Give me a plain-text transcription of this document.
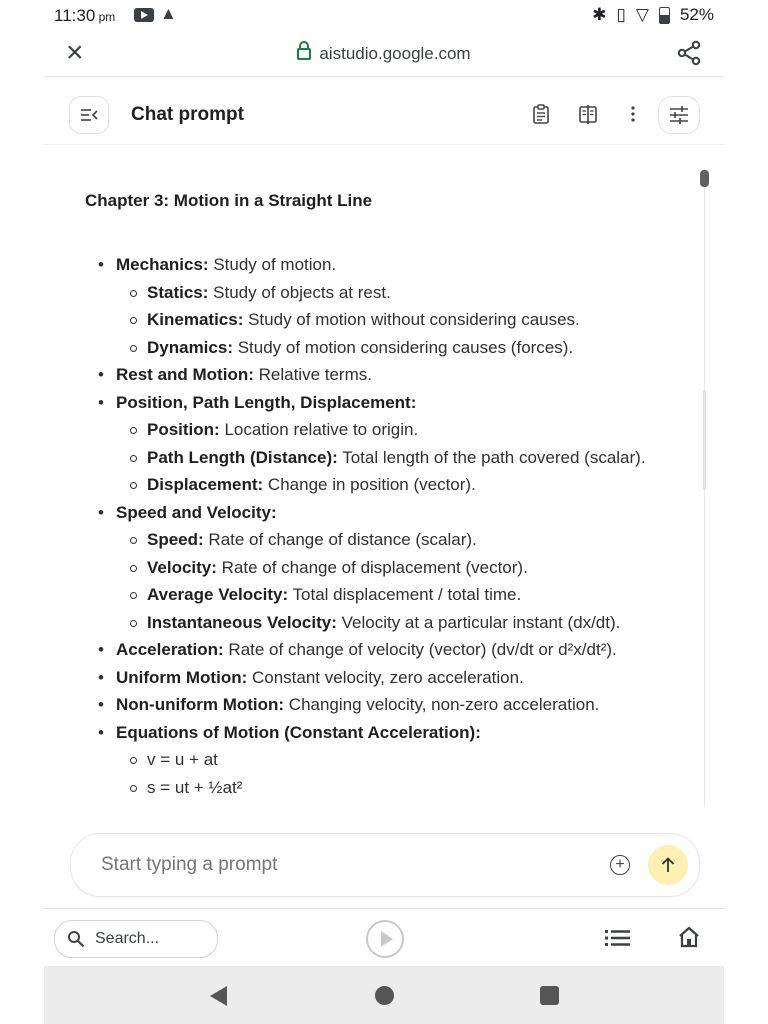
11:30 pm	▲	✱ ▯ ▽ 52%
×	aistudio.google.com
Chat prompt
Chapter 3: Motion in a Straight Line
• Mechanics: Study of motion.
Statics: Study of objects at rest.
Kinematics: Study of motion without considering causes.
Dynamics: Study of motion considering causes (forces).
• Rest and Motion: Relative terms.
• Position, Path Length, Displacement:
Position: Location relative to origin.
Path Length (Distance): Total length of the path covered (scalar).
Displacement: Change in position (vector).
• Speed and Velocity:
Speed: Rate of change of distance (scalar).
Velocity: Rate of change of displacement (vector).
Average Velocity: Total displacement / total time.
Instantaneous Velocity: Velocity at a particular instant (dx/dt).
• Acceleration: Rate of change of velocity (vector) (dv/dt or d²x/dt²).
• Uniform Motion: Constant velocity, zero acceleration.
• Non-uniform Motion: Changing velocity, non-zero acceleration.
• Equations of Motion (Constant Acceleration):
v = u + at
s = ut + ½at²
Start typing a prompt
+
Search...
